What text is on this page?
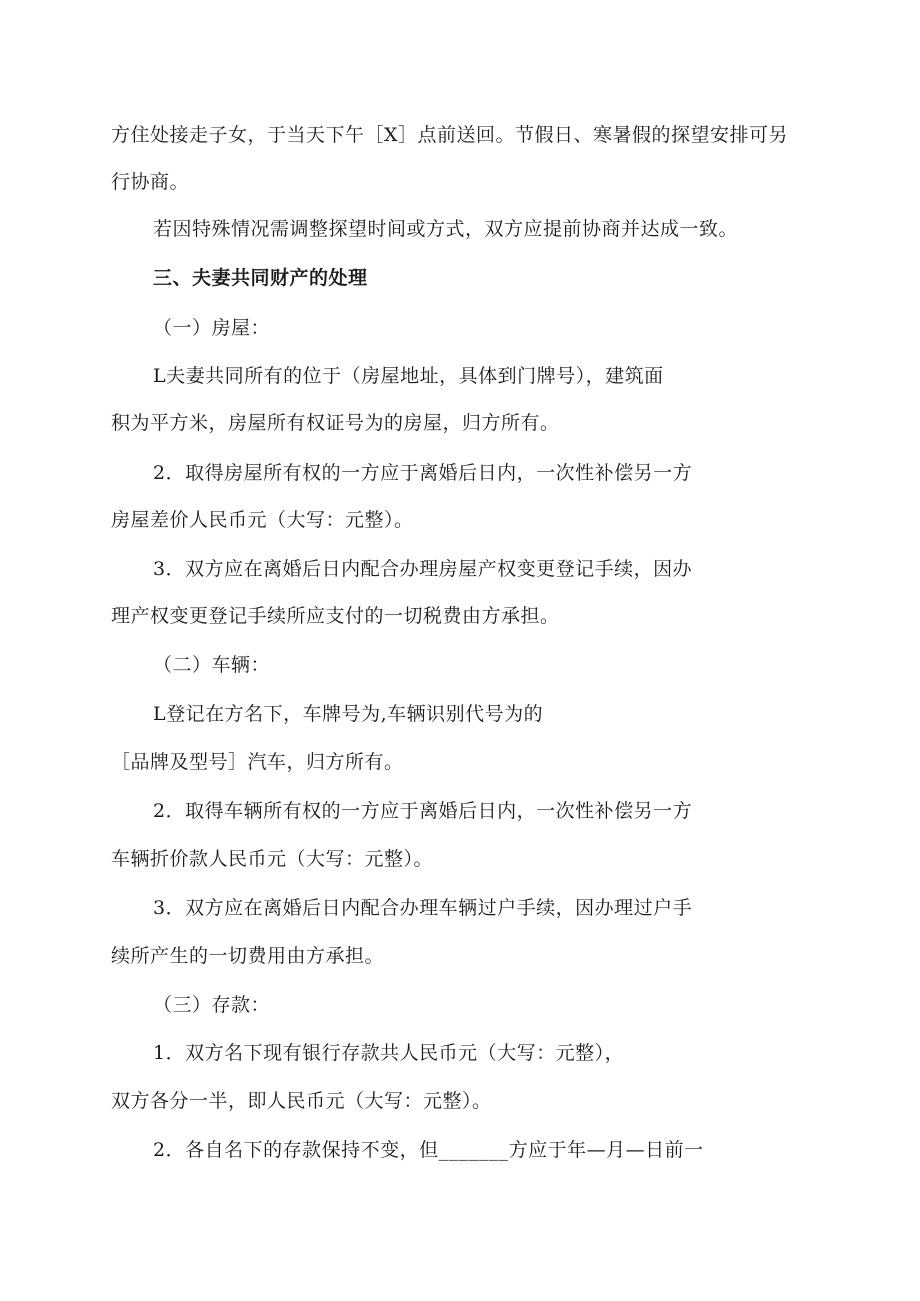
方住处接走子女，于当天下午［X］点前送回。节假日、寒暑假的探望安排可另
行协商。
若因特殊情况需调整探望时间或方式，双方应提前协商并达成一致。
三、夫妻共同财产的处理
（一）房屋：
L夫妻共同所有的位于（房屋地址，具体到门牌号），建筑面
积为平方米，房屋所有权证号为的房屋，归方所有。
2．取得房屋所有权的一方应于离婚后日内，一次性补偿另一方
房屋差价人民币元（大写：元整）。
3．双方应在离婚后日内配合办理房屋产权变更登记手续，因办
理产权变更登记手续所应支付的一切税费由方承担。
（二）车辆：
L登记在方名下，车牌号为,车辆识别代号为的
［品牌及型号］汽车，归方所有。
2．取得车辆所有权的一方应于离婚后日内，一次性补偿另一方
车辆折价款人民币元（大写：元整）。
3．双方应在离婚后日内配合办理车辆过户手续，因办理过户手
续所产生的一切费用由方承担。
（三）存款：
1．双方名下现有银行存款共人民币元（大写：元整），
双方各分一半，即人民币元（大写：元整）。
2．各自名下的存款保持不变，但_______方应于年—月—日前一
